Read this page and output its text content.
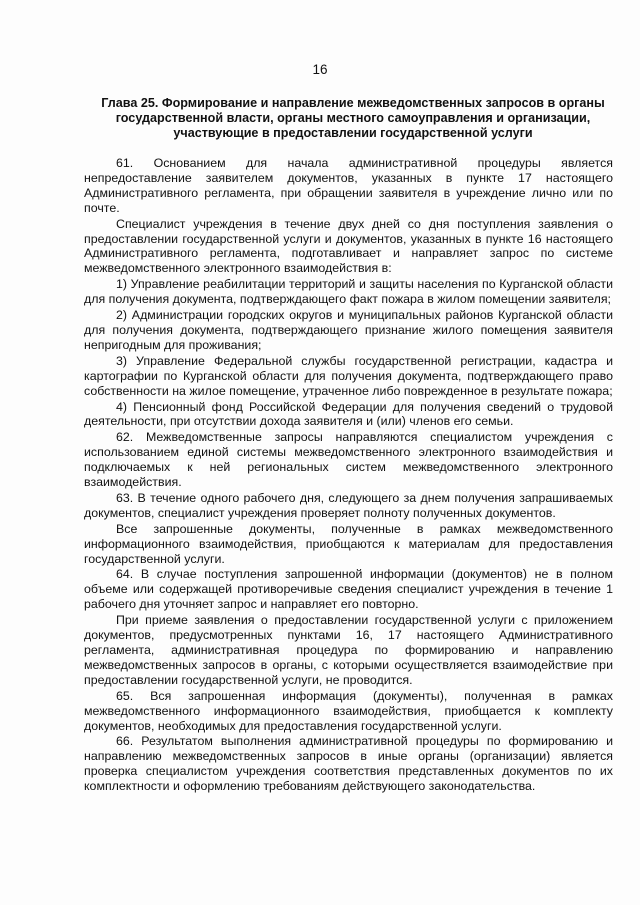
16
Глава 25. Формирование и направление межведомственных запросов в органы государственной власти, органы местного самоуправления и организации, участвующие в предоставлении государственной услуги

61. Основанием для начала административной процедуры является непредоставление заявителем документов, указанных в пункте 17 настоящего Административного регламента, при обращении заявителя в учреждение лично или по почте.

Специалист учреждения в течение двух дней со дня поступления заявления о предоставлении государственной услуги и документов, указанных в пункте 16 настоящего Административного регламента, подготавливает и направляет запрос по системе межведомственного электронного взаимодействия в:

1) Управление реабилитации территорий и защиты населения по Курганской области для получения документа, подтверждающего факт пожара в жилом помещении заявителя;

2) Администрации городских округов и муниципальных районов Курганской области для получения документа, подтверждающего признание жилого помещения заявителя непригодным для проживания;

3) Управление Федеральной службы государственной регистрации, кадастра и картографии по Курганской области для получения документа, подтверждающего право собственности на жилое помещение, утраченное либо поврежденное в результате пожара;

4) Пенсионный фонд Российской Федерации для получения сведений о трудовой деятельности, при отсутствии дохода заявителя и (или) членов его семьи.

62. Межведомственные запросы направляются специалистом учреждения с использованием единой системы межведомственного электронного взаимодействия и подключаемых к ней региональных систем межведомственного электронного взаимодействия.

63. В течение одного рабочего дня, следующего за днем получения запрашиваемых документов, специалист учреждения проверяет полноту полученных документов.

Все запрошенные документы, полученные в рамках межведомственного информационного взаимодействия, приобщаются к материалам для предоставления государственной услуги.

64. В случае поступления запрошенной информации (документов) не в полном объеме или содержащей противоречивые сведения специалист учреждения в течение 1 рабочего дня уточняет запрос и направляет его повторно.

При приеме заявления о предоставлении государственной услуги с приложением документов, предусмотренных пунктами 16, 17 настоящего Административного регламента, административная процедура по формированию и направлению межведомственных запросов в органы, с которыми осуществляется взаимодействие при предоставлении государственной услуги, не проводится.

65. Вся запрошенная информация (документы), полученная в рамках межведомственного информационного взаимодействия, приобщается к комплекту документов, необходимых для предоставления государственной услуги.

66. Результатом выполнения административной процедуры по формированию и направлению межведомственных запросов в иные органы (организации) является проверка специалистом учреждения соответствия представленных документов по их комплектности и оформлению требованиям действующего законодательства.
